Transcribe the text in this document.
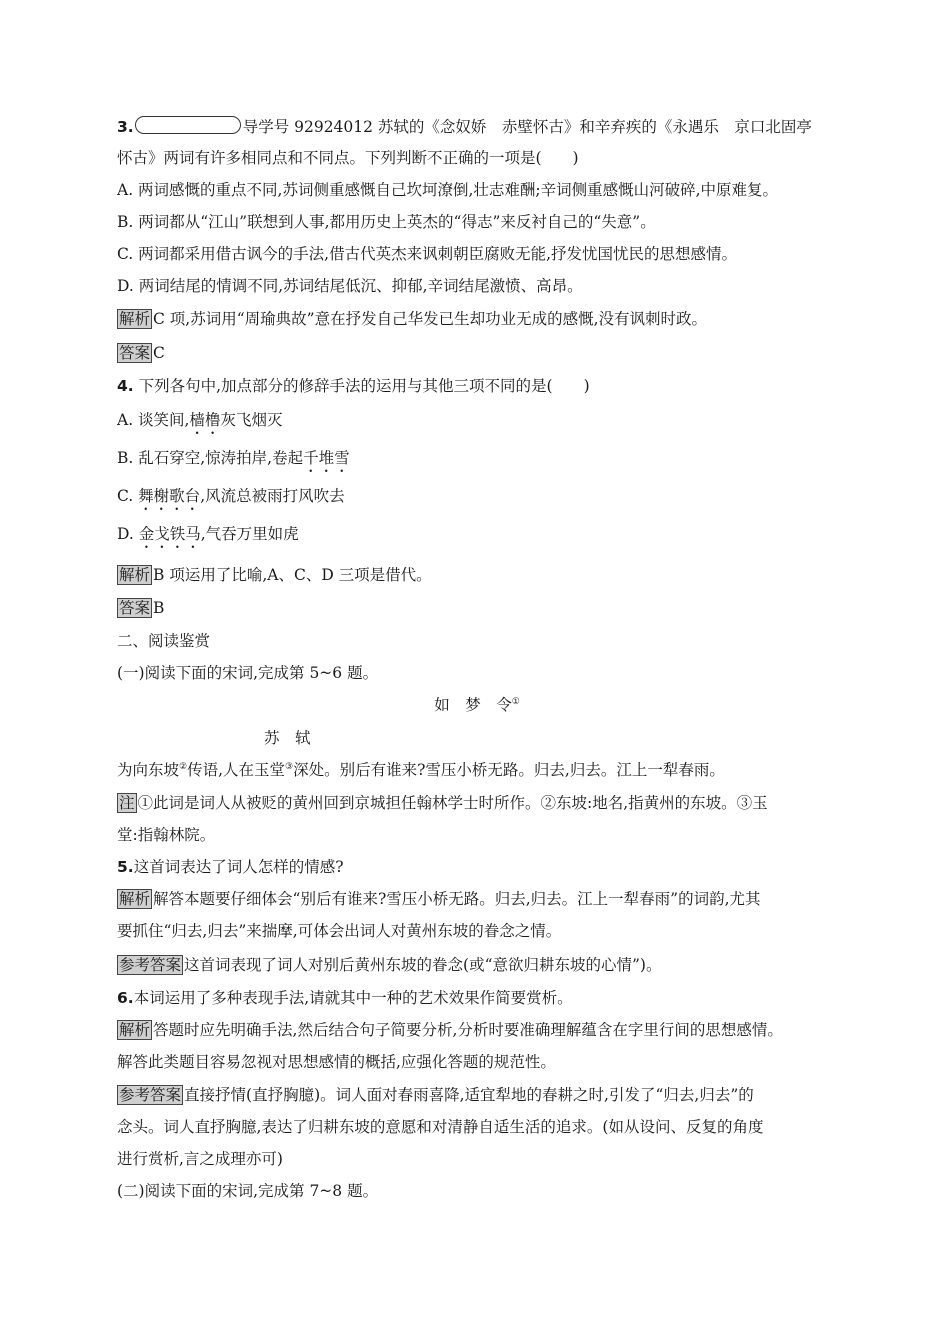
3.	导学号 92924012 苏轼的《念奴娇　赤壁怀古》和辛弃疾的《永遇乐　京口北固亭
怀古》两词有许多相同点和不同点。下列判断不正确的一项是(　　)
A. 两词感慨的重点不同,苏词侧重感慨自己坎坷潦倒,壮志难酬;辛词侧重感慨山河破碎,中原难复。
B. 两词都从“江山”联想到人事,都用历史上英杰的“得志”来反衬自己的“失意”。
C. 两词都采用借古讽今的手法,借古代英杰来讽刺朝臣腐败无能,抒发忧国忧民的思想感情。
D. 两词结尾的情调不同,苏词结尾低沉、抑郁,辛词结尾激愤、高昂。
解析 C 项,苏词用“周瑜典故”意在抒发自己华发已生却功业无成的感慨,没有讽刺时政。
答案 C
4. 下列各句中,加点部分的修辞手法的运用与其他三项不同的是(　　)
A. 谈笑间,樯橹灰飞烟灭
B. 乱石穿空,惊涛拍岸,卷起千堆雪
C. 舞榭歌台,风流总被雨打风吹去
D. 金戈铁马,气吞万里如虎
解析 B 项运用了比喻,A、C、D 三项是借代。
答案 B
二、阅读鉴赏
(一)阅读下面的宋词,完成第 5~6 题。
如　梦　令①
苏　轼
为向东坡②传语,人在玉堂③深处。别后有谁来?雪压小桥无路。归去,归去。江上一犁春雨。
注 ①此词是词人从被贬的黄州回到京城担任翰林学士时所作。②东坡:地名,指黄州的东坡。③玉
堂:指翰林院。
5.这首词表达了词人怎样的情感?
解析 解答本题要仔细体会“别后有谁来?雪压小桥无路。归去,归去。江上一犁春雨”的词韵,尤其
要抓住“归去,归去”来揣摩,可体会出词人对黄州东坡的眷念之情。
参考答案 这首词表现了词人对别后黄州东坡的眷念(或“意欲归耕东坡的心情”)。
6.本词运用了多种表现手法,请就其中一种的艺术效果作简要赏析。
解析 答题时应先明确手法,然后结合句子简要分析,分析时要准确理解蕴含在字里行间的思想感情。
解答此类题目容易忽视对思想感情的概括,应强化答题的规范性。
参考答案 直接抒情(直抒胸臆)。词人面对春雨喜降,适宜犁地的春耕之时,引发了“归去,归去”的
念头。词人直抒胸臆,表达了归耕东坡的意愿和对清静自适生活的追求。(如从设问、反复的角度
进行赏析,言之成理亦可)
(二)阅读下面的宋词,完成第 7~8 题。
